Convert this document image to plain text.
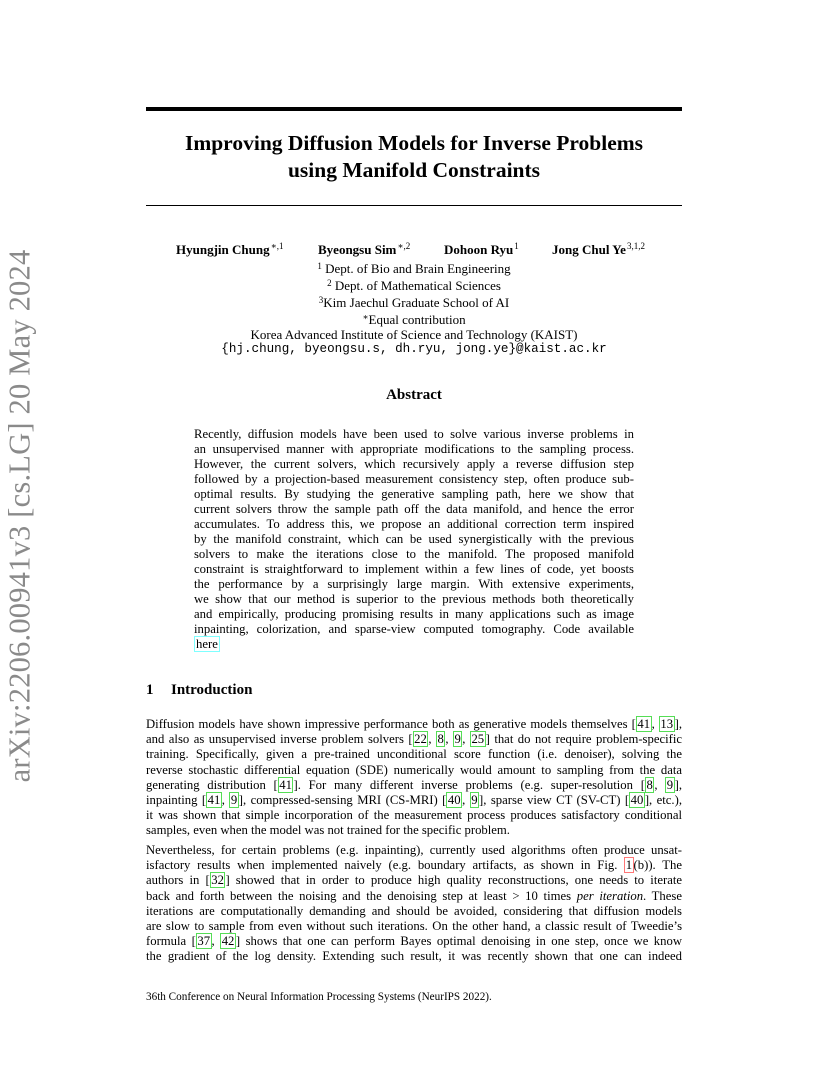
arXiv:2206.00941v3 [cs.LG] 20 May 2024
Improving Diffusion Models for Inverse Problems
using Manifold Constraints
Hyungjin Chung$^{∗,1}$	Byeongsu Sim$^{∗,2}$	Dohoon Ryu$^1$	Jong Chul Ye$^{3,1,2}$
$^1$ Dept. of Bio and Brain Engineering
$^2$ Dept. of Mathematical Sciences
$^3$Kim Jaechul Graduate School of AI
∗Equal contribution
Korea Advanced Institute of Science and Technology (KAIST)
{hj.chung, byeongsu.s, dh.ryu, jong.ye}@kaist.ac.kr
Abstract
Recently, diffusion models have been used to solve various inverse problems in
an unsupervised manner with appropriate modifications to the sampling process.
However, the current solvers, which recursively apply a reverse diffusion step
followed by a projection-based measurement consistency step, often produce sub-
optimal results. By studying the generative sampling path, here we show that
current solvers throw the sample path off the data manifold, and hence the error
accumulates. To address this, we propose an additional correction term inspired
by the manifold constraint, which can be used synergistically with the previous
solvers to make the iterations close to the manifold. The proposed manifold
constraint is straightforward to implement within a few lines of code, yet boosts
the performance by a surprisingly large margin. With extensive experiments,
we show that our method is superior to the previous methods both theoretically
and empirically, producing promising results in many applications such as image
inpainting, colorization, and sparse-view computed tomography. Code available
here
1 Introduction
Diffusion models have shown impressive performance both as generative models themselves [ 41 , 13 ],
and also as unsupervised inverse problem solvers [ 22 , 8 , 9 , 25 ] that do not require problem-specific
training. Specifically, given a pre-trained unconditional score function (i.e. denoiser), solving the
reverse stochastic differential equation (SDE) numerically would amount to sampling from the data
generating distribution [ 41 ]. For many different inverse problems (e.g. super-resolution [ 8 , 9 ],
inpainting [ 41 , 9 ], compressed-sensing MRI (CS-MRI) [ 40 , 9 ], sparse view CT (SV-CT) [ 40 ], etc.),
it was shown that simple incorporation of the measurement process produces satisfactory conditional
samples, even when the model was not trained for the specific problem.
Nevertheless, for certain problems (e.g. inpainting), currently used algorithms often produce unsat-
isfactory results when implemented naively (e.g. boundary artifacts, as shown in Fig. 1 (b)). The
authors in [ 32 ] showed that in order to produce high quality reconstructions, one needs to iterate
back and forth between the noising and the denoising step at least > 10 times per iteration. These
iterations are computationally demanding and should be avoided, considering that diffusion models
are slow to sample from even without such iterations. On the other hand, a classic result of Tweedie’s
formula [ 37 , 42 ] shows that one can perform Bayes optimal denoising in one step, once we know
the gradient of the log density. Extending such result, it was recently shown that one can indeed
36th Conference on Neural Information Processing Systems (NeurIPS 2022).
